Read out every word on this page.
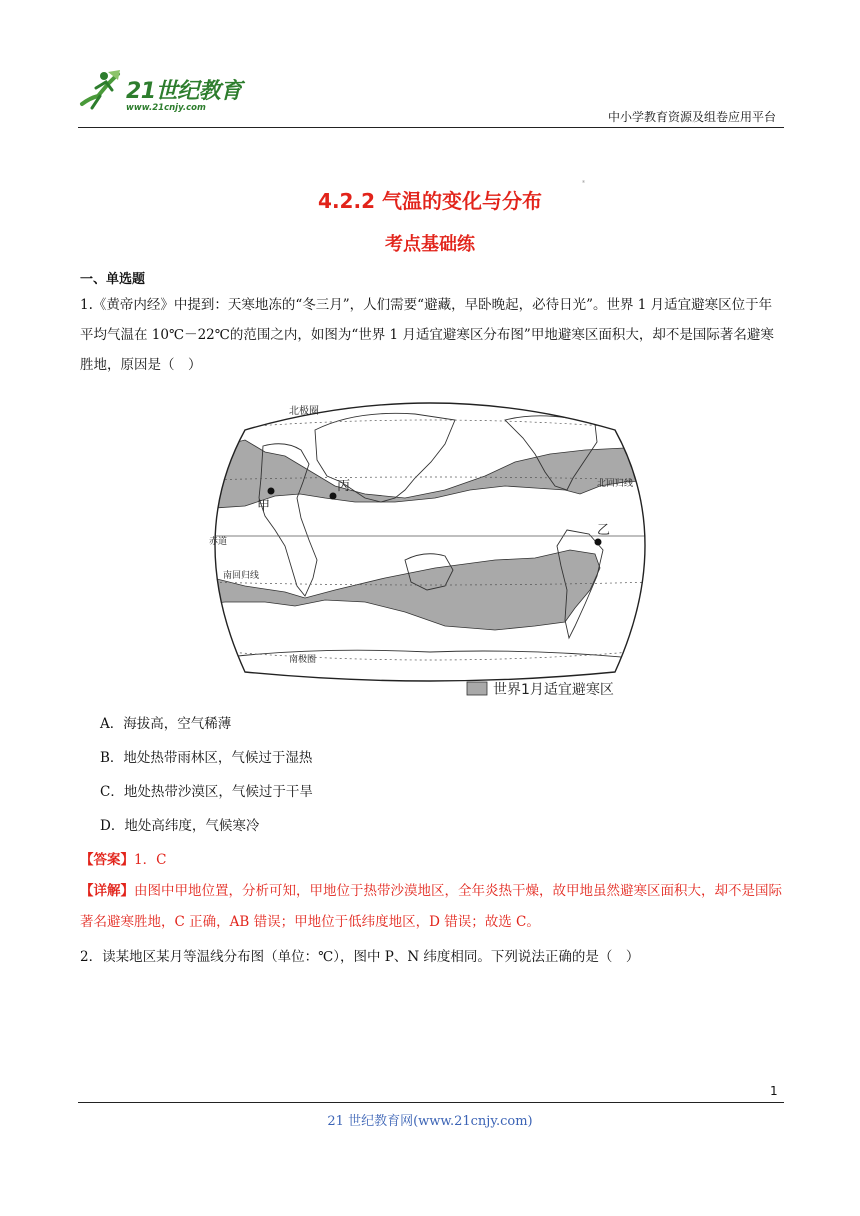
21世纪教育
www.21cnjy.com
中小学教育资源及组卷应用平台
*
4.2.2 气温的变化与分布
考点基础练
一、单选题
1.《黄帝内经》中提到：天寒地冻的“冬三月”，人们需要“避藏，早卧晚起，必待日光”。世界 1 月适宜避寒区位于年平均气温在 10℃－22℃的范围之内，如图为“世界 1 月适宜避寒区分布图”甲地避寒区面积大，却不是国际著名避寒胜地，原因是（　）
北极圈
北回归线
赤道
南回归线
南极圈
甲
乙
丙
世界1月适宜避寒区
A．海拔高，空气稀薄
B．地处热带雨林区，气候过于湿热
C．地处热带沙漠区，气候过于干旱
D．地处高纬度，气候寒冷
【答案】1．C
【详解】由图中甲地位置，分析可知，甲地位于热带沙漠地区，全年炎热干燥，故甲地虽然避寒区面积大，却不是国际著名避寒胜地，C 正确，AB 错误；甲地位于低纬度地区，D 错误；故选 C。
2．读某地区某月等温线分布图（单位：℃），图中 P、N 纬度相同。下列说法正确的是（　）
1
21 世纪教育网(www.21cnjy.com)
